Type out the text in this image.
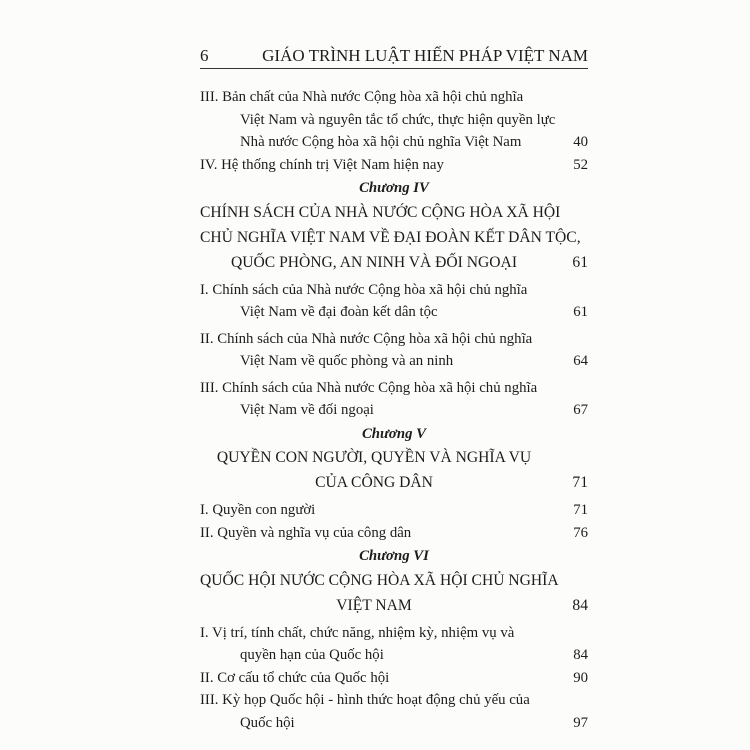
6	GIÁO TRÌNH LUẬT HIẾN PHÁP VIỆT NAM
III. Bản chất của Nhà nước Cộng hòa xã hội chủ nghĩa
Việt Nam và nguyên tắc tổ chức, thực hiện quyền lực
Nhà nước Cộng hòa xã hội chủ nghĩa Việt Nam	40
IV. Hệ thống chính trị Việt Nam hiện nay	52
Chương IV
CHÍNH SÁCH CỦA NHÀ NƯỚC CỘNG HÒA XÃ HỘI
CHỦ NGHĨA VIỆT NAM VỀ ĐẠI ĐOÀN KẾT DÂN TỘC,
QUỐC PHÒNG, AN NINH VÀ ĐỐI NGOẠI	61
I. Chính sách của Nhà nước Cộng hòa xã hội chủ nghĩa
Việt Nam về đại đoàn kết dân tộc	61
II. Chính sách của Nhà nước Cộng hòa xã hội chủ nghĩa
Việt Nam về quốc phòng và an ninh	64
III. Chính sách của Nhà nước Cộng hòa xã hội chủ nghĩa
Việt Nam về đối ngoại	67
Chương V
QUYỀN CON NGƯỜI, QUYỀN VÀ NGHĨA VỤ
CỦA CÔNG DÂN	71
I. Quyền con người	71
II. Quyền và nghĩa vụ của công dân	76
Chương VI
QUỐC HỘI NƯỚC CỘNG HÒA XÃ HỘI CHỦ NGHĨA
VIỆT NAM	84
I. Vị trí, tính chất, chức năng, nhiệm kỳ, nhiệm vụ và
quyền hạn của Quốc hội	84
II. Cơ cấu tổ chức của Quốc hội	90
III. Kỳ họp Quốc hội - hình thức hoạt động chủ yếu của
Quốc hội	97
